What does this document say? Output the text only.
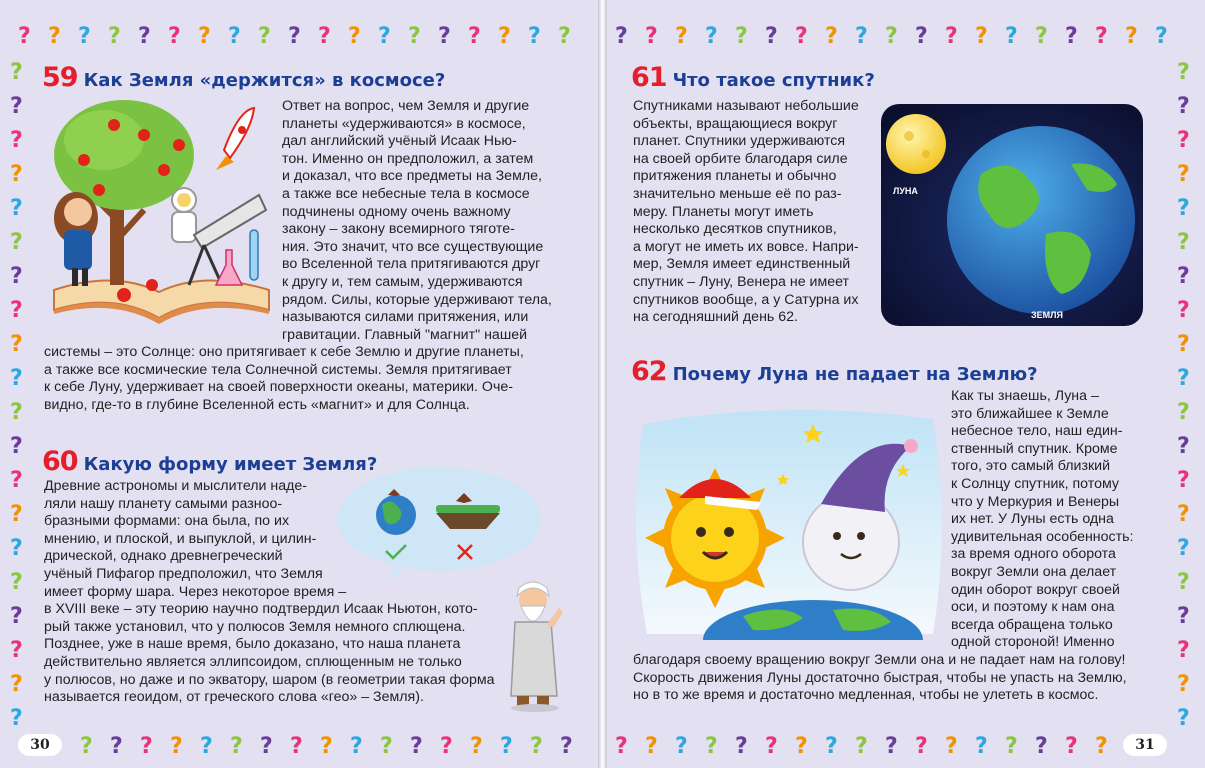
? ? ? ? ? ? ? ? ? ? ? ? ? ? ? ? ? ? ?
?
?
?
?
?
?
?
?
?
?
?
?
?
?
?
?
?
?
?
?
? ? ? ? ? ? ? ? ? ? ? ? ? ? ? ? ?
59 Как Земля «держится» в космосе?
Ответ на вопрос, чем Земля и другие
планеты «удерживаются» в космосе,
дал английский учёный Исаак Нью-
тон. Именно он предположил, а затем
и доказал, что все предметы на Земле,
а также все небесные тела в космосе
подчинены одному очень важному
закону – закону всемирного тяготе-
ния. Это значит, что все существующие
во Вселенной тела притягиваются друг
к другу и, тем самым, удерживаются
рядом. Силы, которые удерживают тела,
называются силами притяжения, или
гравитации. Главный "магнит" нашей
системы – это Солнце: оно притягивает к себе Землю и другие планеты,
а также все космические тела Солнечной системы. Земля притягивает
к себе Луну, удерживает на своей поверхности океаны, материки. Оче-
видно, где-то в глубине Вселенной есть «магнит» и для Солнца.
60 Какую форму имеет Земля?
Древние астрономы и мыслители наде-
ляли нашу планету самыми разнoo-
бразными формами: она была, по их
мнению, и плоской, и выпуклой, и цилин-
дрической, однако древнегреческий
учёный Пифагор предположил, что Земля
имеет форму шара. Через некоторое время –
в XVIII веке – эту теорию научно подтвердил Исаак Ньютон, кото-
рый также установил, что у полюсов Земля немного сплющена.
Позднее, уже в наше время, было доказано, что наша планета
действительно является эллипсоидом, сплющенным не только
у полюсов, но даже и по экватору, шаром (в геометрии такая форма
называется геоидом, от греческого слова «гео» – Земля).
30
? ? ? ? ? ? ? ? ? ? ? ? ? ? ? ? ? ? ?
?
?
?
?
?
?
?
?
?
?
?
?
?
?
?
?
?
?
?
?
? ? ? ? ? ? ? ? ? ? ? ? ? ? ? ? ?
61 Что такое спутник?
Спутниками называют небольшие
объекты, вращающиеся вокруг
планет. Спутники удерживаются
на своей орбите благодаря силе
притяжения планеты и обычно
значительно меньше её по раз-
меру. Планеты могут иметь
несколько десятков спутников,
а могут не иметь их вовсе. Напри-
мер, Земля имеет единственный
спутник – Луну, Венера не имеет
спутников вообще, а у Сатурна их
на сегодняшний день 62.
ЛУНА
ЗЕМЛЯ
62 Почему Луна не падает на Землю?
Как ты знаешь, Луна –
это ближайшее к Земле
небесное тело, наш един-
ственный спутник. Кроме
того, это самый близкий
к Солнцу спутник, потому
что у Меркурия и Венеры
их нет. У Луны есть одна
удивительная особенность:
за время одного оборота
вокруг Земли она делает
один оборот вокруг своей
оси, и поэтому к нам она
всегда обращена только
одной стороной! Именно
благодаря своему вращению вокруг Земли она и не падает нам на голову!
Скорость движения Луны достаточно быстрая, чтобы не упасть на Землю,
но в то же время и достаточно медленная, чтобы не улететь в космос.
31
